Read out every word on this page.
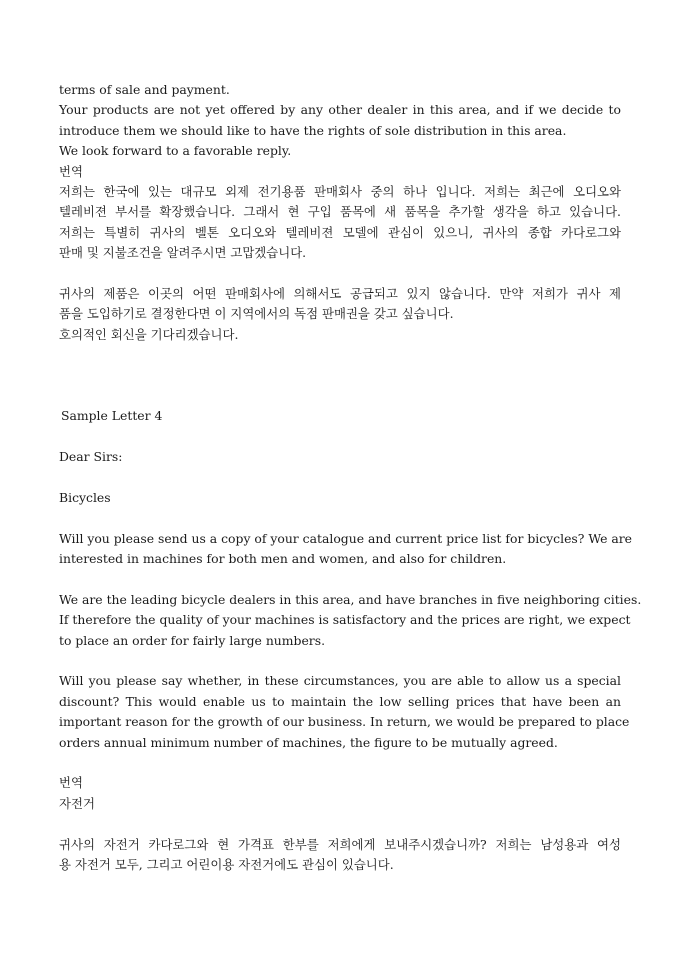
terms of sale and payment.

Your products are not yet offered by any other dealer in this area, and if we decide to

introduce them we should like to have the rights of sole distribution in this area.

We look forward to a favorable reply.

번역

저희는 한국에 있는 대규모 외제 전기용품 판매회사 중의 하나 입니다. 저희는 최근에 오디오와

텔레비젼 부서를 확장했습니다. 그래서 현 구입 품목에 새 품목을 추가할 생각을 하고 있습니다.

저희는 특별히 귀사의 벨톤 오디오와 텔레비젼 모델에 관심이 있으니, 귀사의 종합 카다로그와

판매 및 지불조건을 알려주시면 고맙겠습니다.

귀사의 제품은 이곳의 어떤 판매회사에 의해서도 공급되고 있지 않습니다. 만약 저희가 귀사 제

품을 도입하기로 결정한다면 이 지역에서의 독점 판매권을 갖고 싶습니다.

호의적인 회신을 기다리겠습니다.

Sample Letter 4

Dear Sirs:

Bicycles

Will you please send us a copy of your catalogue and current price list for bicycles? We are

interested in machines for both men and women, and also for children.

We are the leading bicycle dealers in this area, and have branches in five neighboring cities.

If therefore the quality of your machines is satisfactory and the prices are right, we expect

to place an order for fairly large numbers.

Will you please say whether, in these circumstances, you are able to allow us a special

discount? This would enable us to maintain the low selling prices that have been an

important reason for the growth of our business. In return, we would be prepared to place

orders annual minimum number of machines, the figure to be mutually agreed.

번역

자전거

귀사의 자전거 카다로그와 현 가격표 한부를 저희에게 보내주시겠습니까? 저희는 남성용과 여성

용 자전거 모두, 그리고 어린이용 자전거에도 관심이 있습니다.
